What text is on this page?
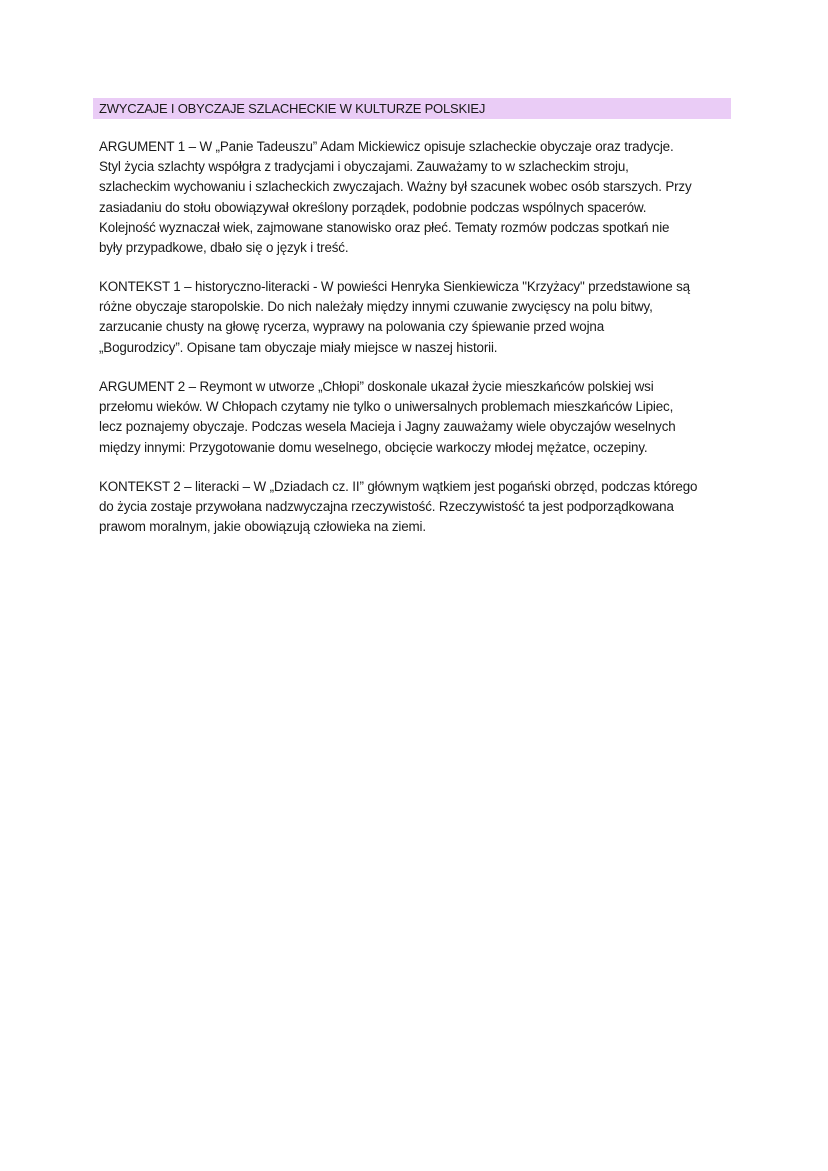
ZWYCZAJE I OBYCZAJE SZLACHECKIE W KULTURZE POLSKIEJ
ARGUMENT 1 – W „Panie Tadeuszu” Adam Mickiewicz opisuje szlacheckie obyczaje oraz tradycje.
Styl życia szlachty współgra z tradycjami i obyczajami. Zauważamy to w szlacheckim stroju,
szlacheckim wychowaniu i szlacheckich zwyczajach. Ważny był szacunek wobec osób starszych. Przy
zasiadaniu do stołu obowiązywał określony porządek, podobnie podczas wspólnych spacerów.
Kolejność wyznaczał wiek, zajmowane stanowisko oraz płeć. Tematy rozmów podczas spotkań nie
były przypadkowe, dbało się o język i treść.
KONTEKST 1 – historyczno-literacki - W powieści Henryka Sienkiewicza "Krzyżacy" przedstawione są
różne obyczaje staropolskie. Do nich należały między innymi czuwanie zwycięscy na polu bitwy,
zarzucanie chusty na głowę rycerza, wyprawy na polowania czy śpiewanie przed wojna
„Bogurodzicy”. Opisane tam obyczaje miały miejsce w naszej historii.
ARGUMENT 2 – Reymont w utworze „Chłopi” doskonale ukazał życie mieszkańców polskiej wsi
przełomu wieków. W Chłopach czytamy nie tylko o uniwersalnych problemach mieszkańców Lipiec,
lecz poznajemy obyczaje. Podczas wesela Macieja i Jagny zauważamy wiele obyczajów weselnych
między innymi: Przygotowanie domu weselnego, obcięcie warkoczy młodej mężatce, oczepiny.
KONTEKST 2 – literacki – W „Dziadach cz. II” głównym wątkiem jest pogański obrzęd, podczas którego
do życia zostaje przywołana nadzwyczajna rzeczywistość. Rzeczywistość ta jest podporządkowana
prawom moralnym, jakie obowiązują człowieka na ziemi.
